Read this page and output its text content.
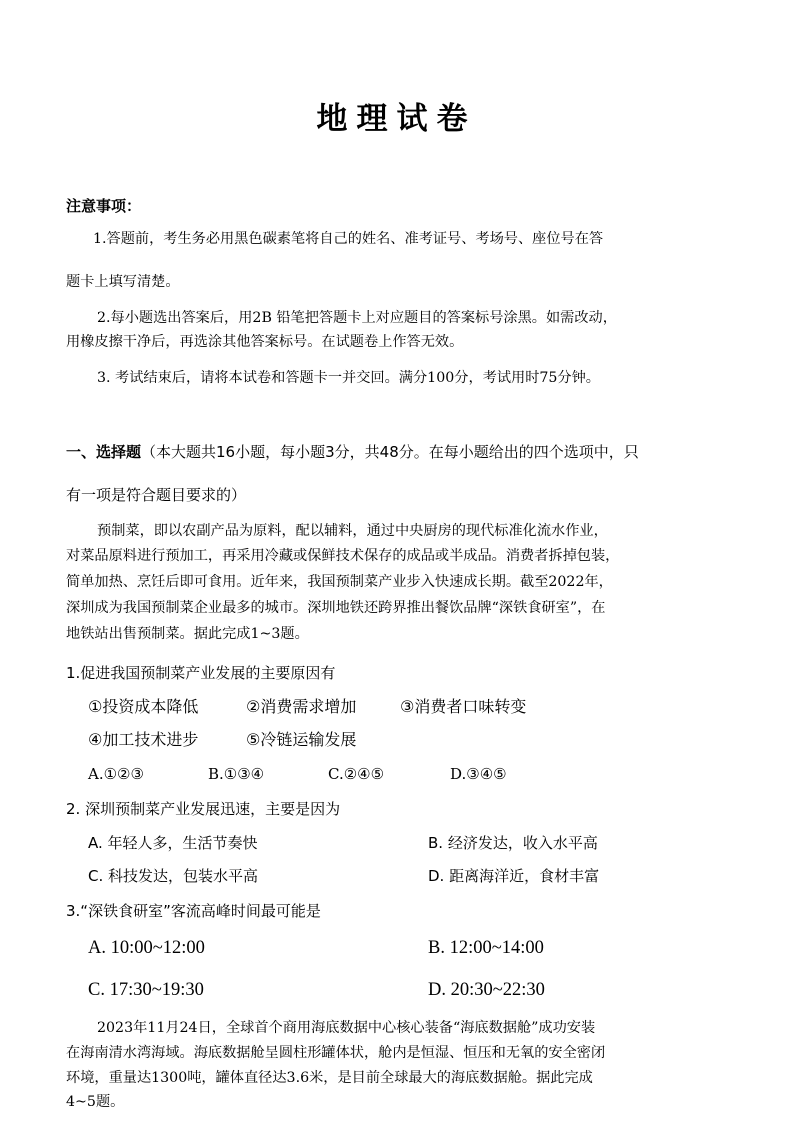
地理试卷
注意事项：
1.答题前，考生务必用黑色碳素笔将自己的姓名、准考证号、考场号、座位号在答
题卡上填写清楚。
2.每小题选出答案后，用2B 铅笔把答题卡上对应题目的答案标号涂黑。如需改动，
用橡皮擦干净后，再选涂其他答案标号。在试题卷上作答无效。
3. 考试结束后，请将本试卷和答题卡一并交回。满分100分，考试用时75分钟。
一、选择题（本大题共16小题，每小题3分，共48分。在每小题给出的四个选项中，只
有一项是符合题目要求的）
预制菜，即以农副产品为原料，配以辅料，通过中央厨房的现代标准化流水作业，
对菜品原料进行预加工，再采用冷藏或保鲜技术保存的成品或半成品。消费者拆掉包装，
简单加热、烹饪后即可食用。近年来，我国预制菜产业步入快速成长期。截至2022年，
深圳成为我国预制菜企业最多的城市。深圳地铁还跨界推出餐饮品牌“深铁食研室”，在
地铁站出售预制菜。据此完成1~3题。
1.促进我国预制菜产业发展的主要原因有
①投资成本降低	②消费需求增加	③消费者口味转变
④加工技术进步	⑤冷链运输发展
A.①②③	B.①③④	C.②④⑤	D.③④⑤
2. 深圳预制菜产业发展迅速，主要是因为
A. 年轻人多，生活节奏快	B. 经济发达，收入水平高
C. 科技发达，包装水平高	D. 距离海洋近，食材丰富
3.“深铁食研室”客流高峰时间最可能是
A. 10:00~12:00	B. 12:00~14:00
C. 17:30~19:30	D. 20:30~22:30
2023年11月24日，全球首个商用海底数据中心核心装备“海底数据舱”成功安装
在海南清水湾海域。海底数据舱呈圆柱形罐体状，舱内是恒湿、恒压和无氧的安全密闭
环境，重量达1300吨，罐体直径达3.6米，是目前全球最大的海底数据舱。据此完成
4~5题。
